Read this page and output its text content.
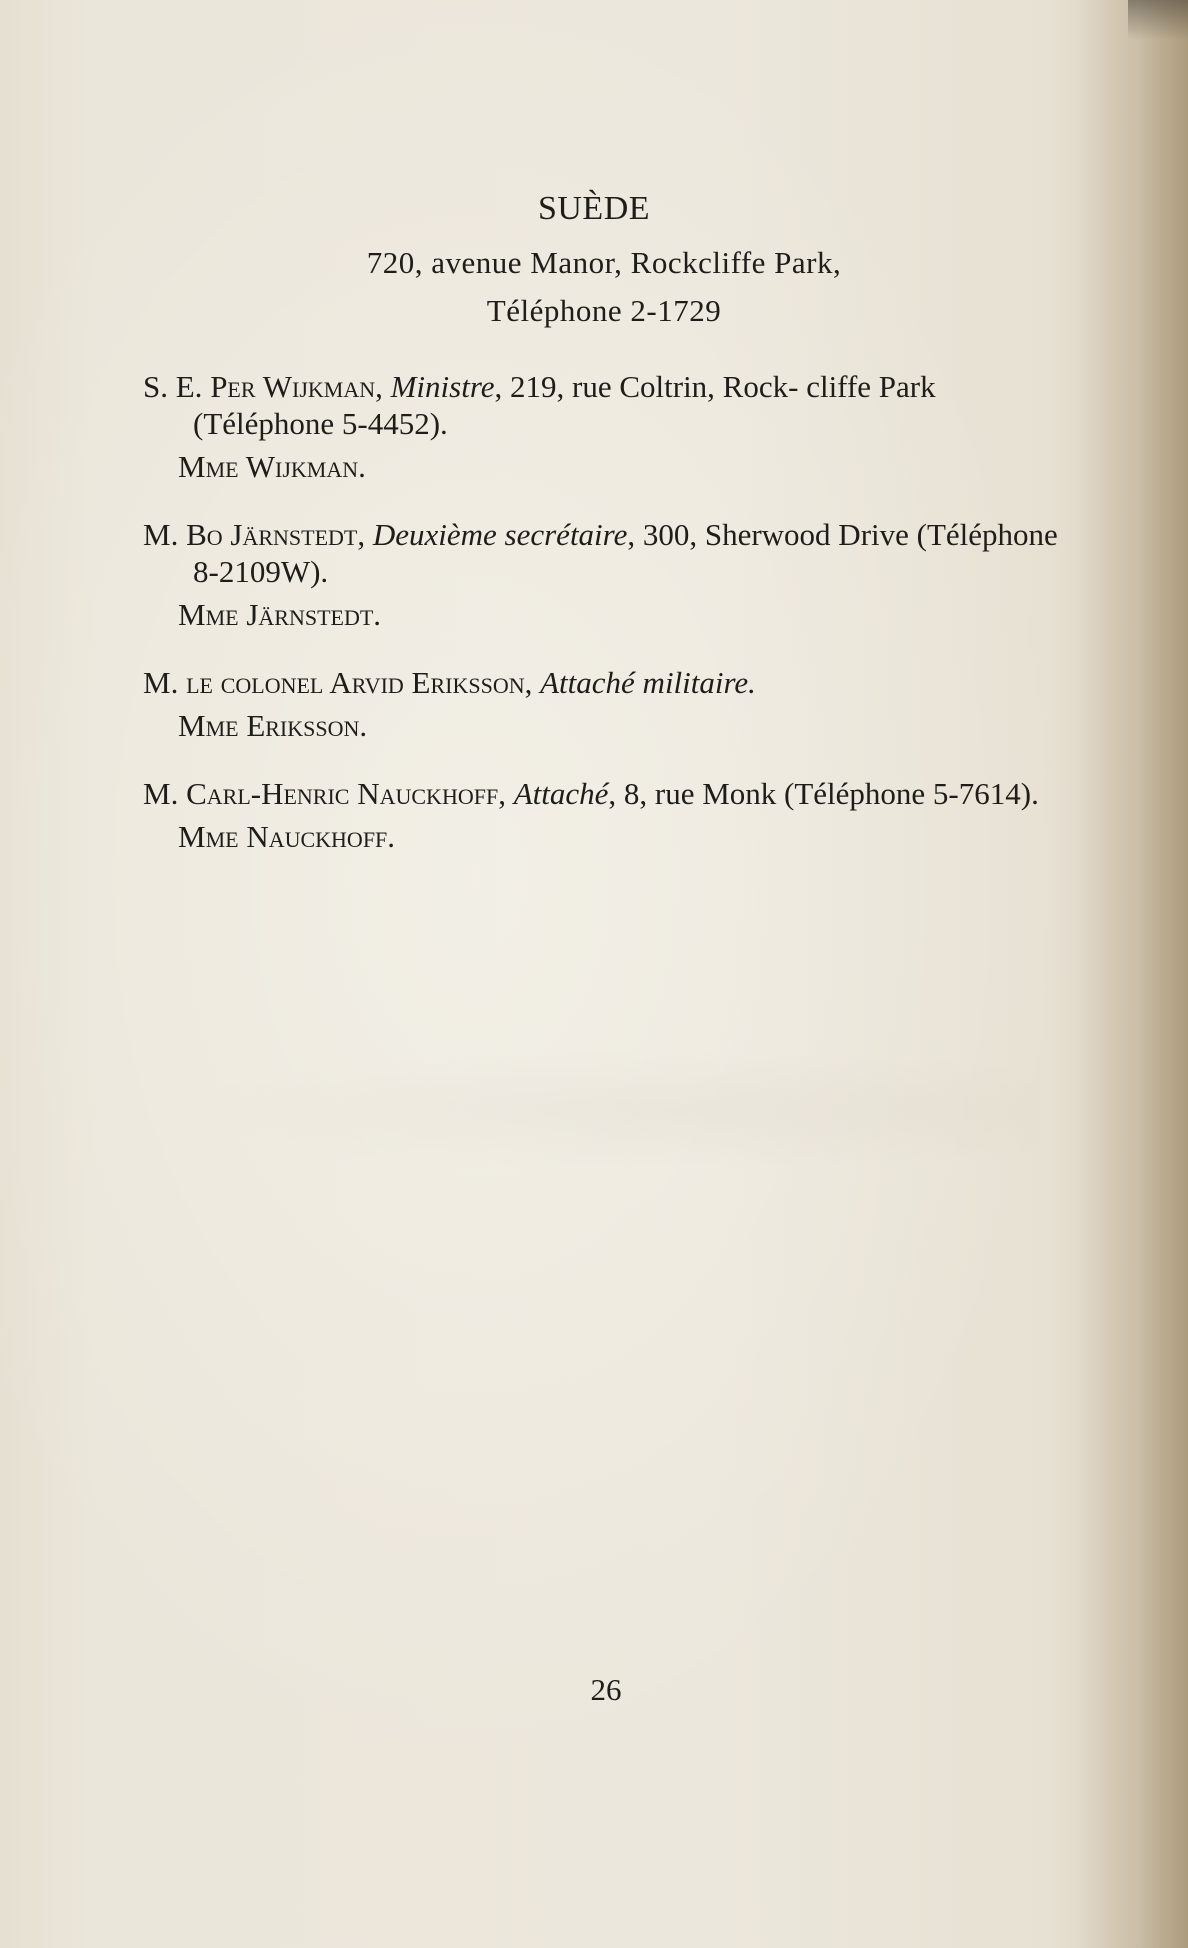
SUÈDE
720, avenue Manor, Rockcliffe Park,
Téléphone 2-1729

S. E. Per Wijkman, Ministre, 219, rue Coltrin, Rock- cliffe Park (Téléphone 5-4452).

Mme Wijkman.

M. Bo Järnstedt, Deuxième secrétaire, 300, Sherwood Drive (Téléphone 8-2109W).

Mme Järnstedt.

M. le colonel Arvid Eriksson, Attaché militaire.

Mme Eriksson.

M. Carl-Henric Nauckhoff, Attaché, 8, rue Monk (Téléphone 5-7614).

Mme Nauckhoff.

26
